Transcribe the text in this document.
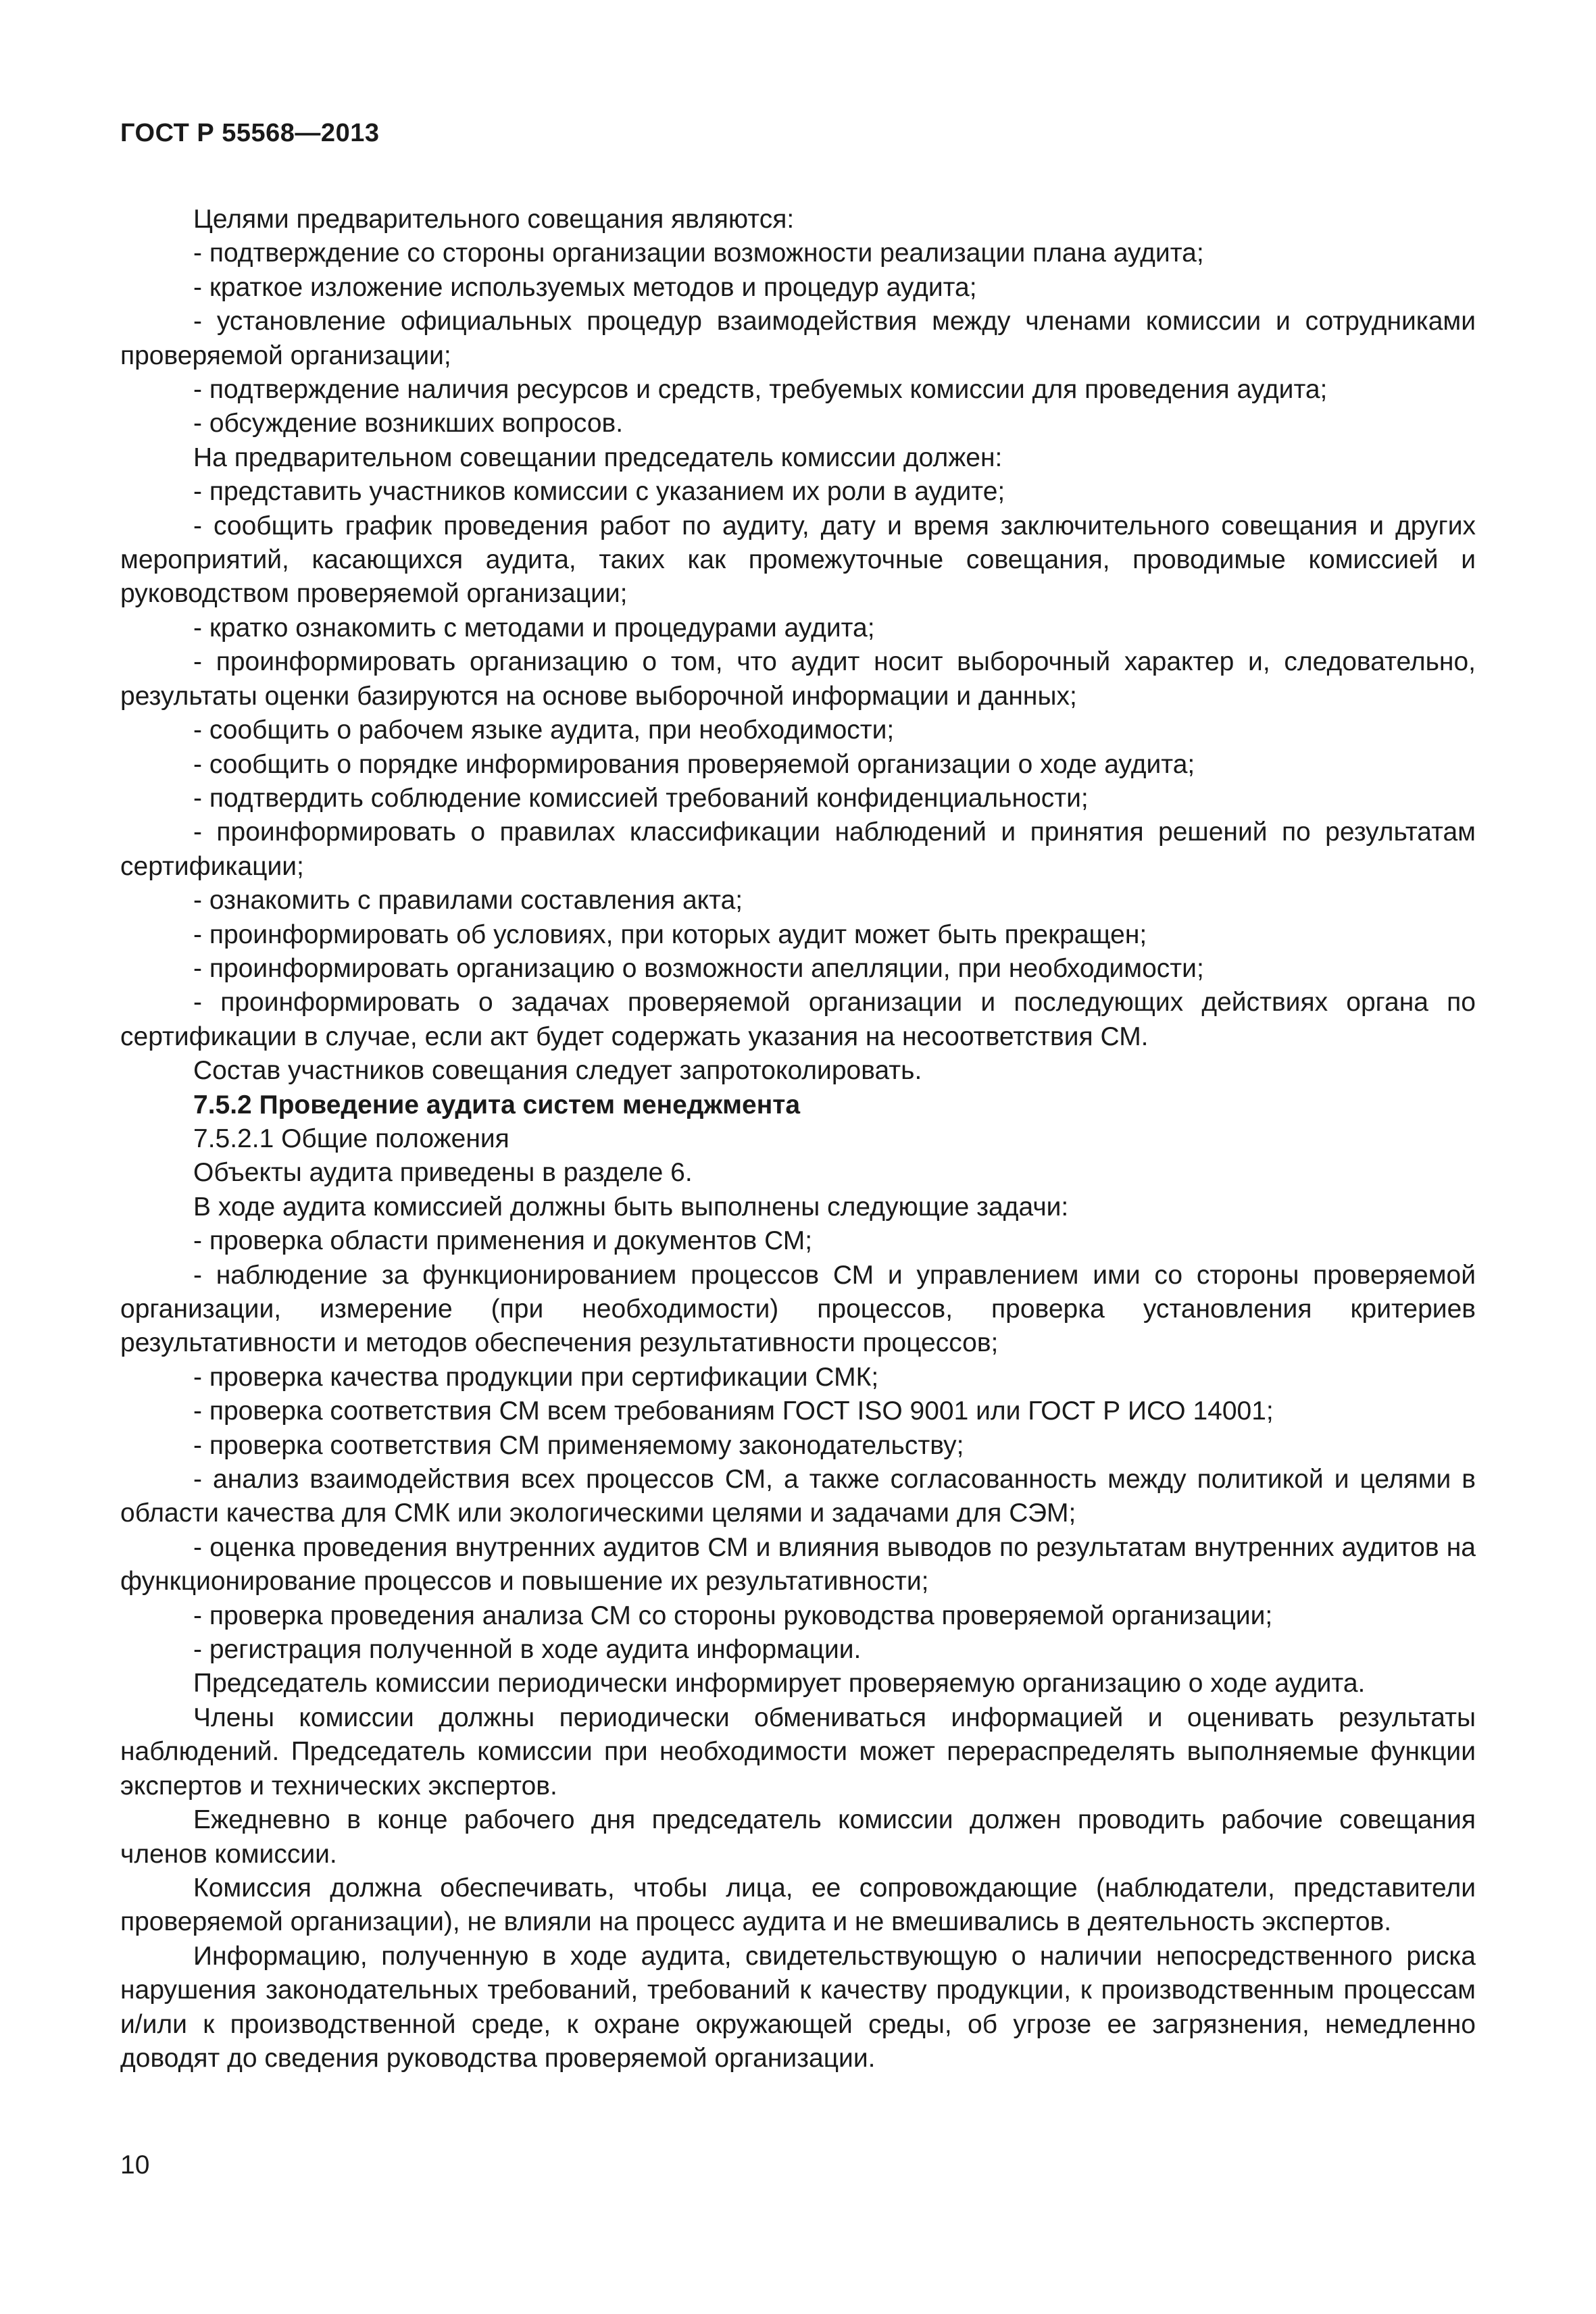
ГОСТ Р 55568—2013

Целями предварительного совещания являются:

- подтверждение со стороны организации возможности реализации плана аудита;

- краткое изложение используемых методов и процедур аудита;

- установление официальных процедур взаимодействия между членами комиссии и сотрудниками проверяемой организации;

- подтверждение наличия ресурсов и средств, требуемых комиссии для проведения аудита;

- обсуждение возникших вопросов.

На предварительном совещании председатель комиссии должен:

- представить участников комиссии с указанием их роли в аудите;

- сообщить график проведения работ по аудиту, дату и время заключительного совещания и других мероприятий, касающихся аудита, таких как промежуточные совещания, проводимые комиссией и руководством проверяемой организации;

- кратко ознакомить с методами и процедурами аудита;

- проинформировать организацию о том, что аудит носит выборочный характер и, следовательно, результаты оценки базируются на основе выборочной информации и данных;

- сообщить о рабочем языке аудита, при необходимости;

- сообщить о порядке информирования проверяемой организации о ходе аудита;

- подтвердить соблюдение комиссией требований конфиденциальности;

- проинформировать о правилах классификации наблюдений и принятия решений по результатам сертификации;

- ознакомить с правилами составления акта;

- проинформировать об условиях, при которых аудит может быть прекращен;

- проинформировать организацию о возможности апелляции, при необходимости;

- проинформировать о задачах проверяемой организации и последующих действиях органа по сертификации в случае, если акт будет содержать указания на несоответствия СМ.

Состав участников совещания следует запротоколировать.

7.5.2 Проведение аудита систем менеджмента

7.5.2.1 Общие положения

Объекты аудита приведены в разделе 6.

В ходе аудита комиссией должны быть выполнены следующие задачи:

- проверка области применения и документов СМ;

- наблюдение за функционированием процессов СМ и управлением ими со стороны проверяемой организации, измерение (при необходимости) процессов, проверка установления критериев результативности и методов обеспечения результативности процессов;

- проверка качества продукции при сертификации СМК;

- проверка соответствия СМ всем требованиям ГОСТ ISO 9001 или ГОСТ Р ИСО 14001;

- проверка соответствия СМ применяемому законодательству;

- анализ взаимодействия всех процессов СМ, а также согласованность между политикой и целями в области качества для СМК или экологическими целями и задачами для СЭМ;

- оценка проведения внутренних аудитов СМ и влияния выводов по результатам внутренних аудитов на функционирование процессов и повышение их результативности;

- проверка проведения анализа СМ со стороны руководства проверяемой организации;

- регистрация полученной в ходе аудита информации.

Председатель комиссии периодически информирует проверяемую организацию о ходе аудита.

Члены комиссии должны периодически обмениваться информацией и оценивать результаты наблюдений. Председатель комиссии при необходимости может перераспределять выполняемые функции экспертов и технических экспертов.

Ежедневно в конце рабочего дня председатель комиссии должен проводить рабочие совещания членов комиссии.

Комиссия должна обеспечивать, чтобы лица, ее сопровождающие (наблюдатели, представители проверяемой организации), не влияли на процесс аудита и не вмешивались в деятельность экспертов.

Информацию, полученную в ходе аудита, свидетельствующую о наличии непосредственного риска нарушения законодательных требований, требований к качеству продукции, к производственным процессам и/или к производственной среде, к охране окружающей среды, об угрозе ее загрязнения, немедленно доводят до сведения руководства проверяемой организации.

10
